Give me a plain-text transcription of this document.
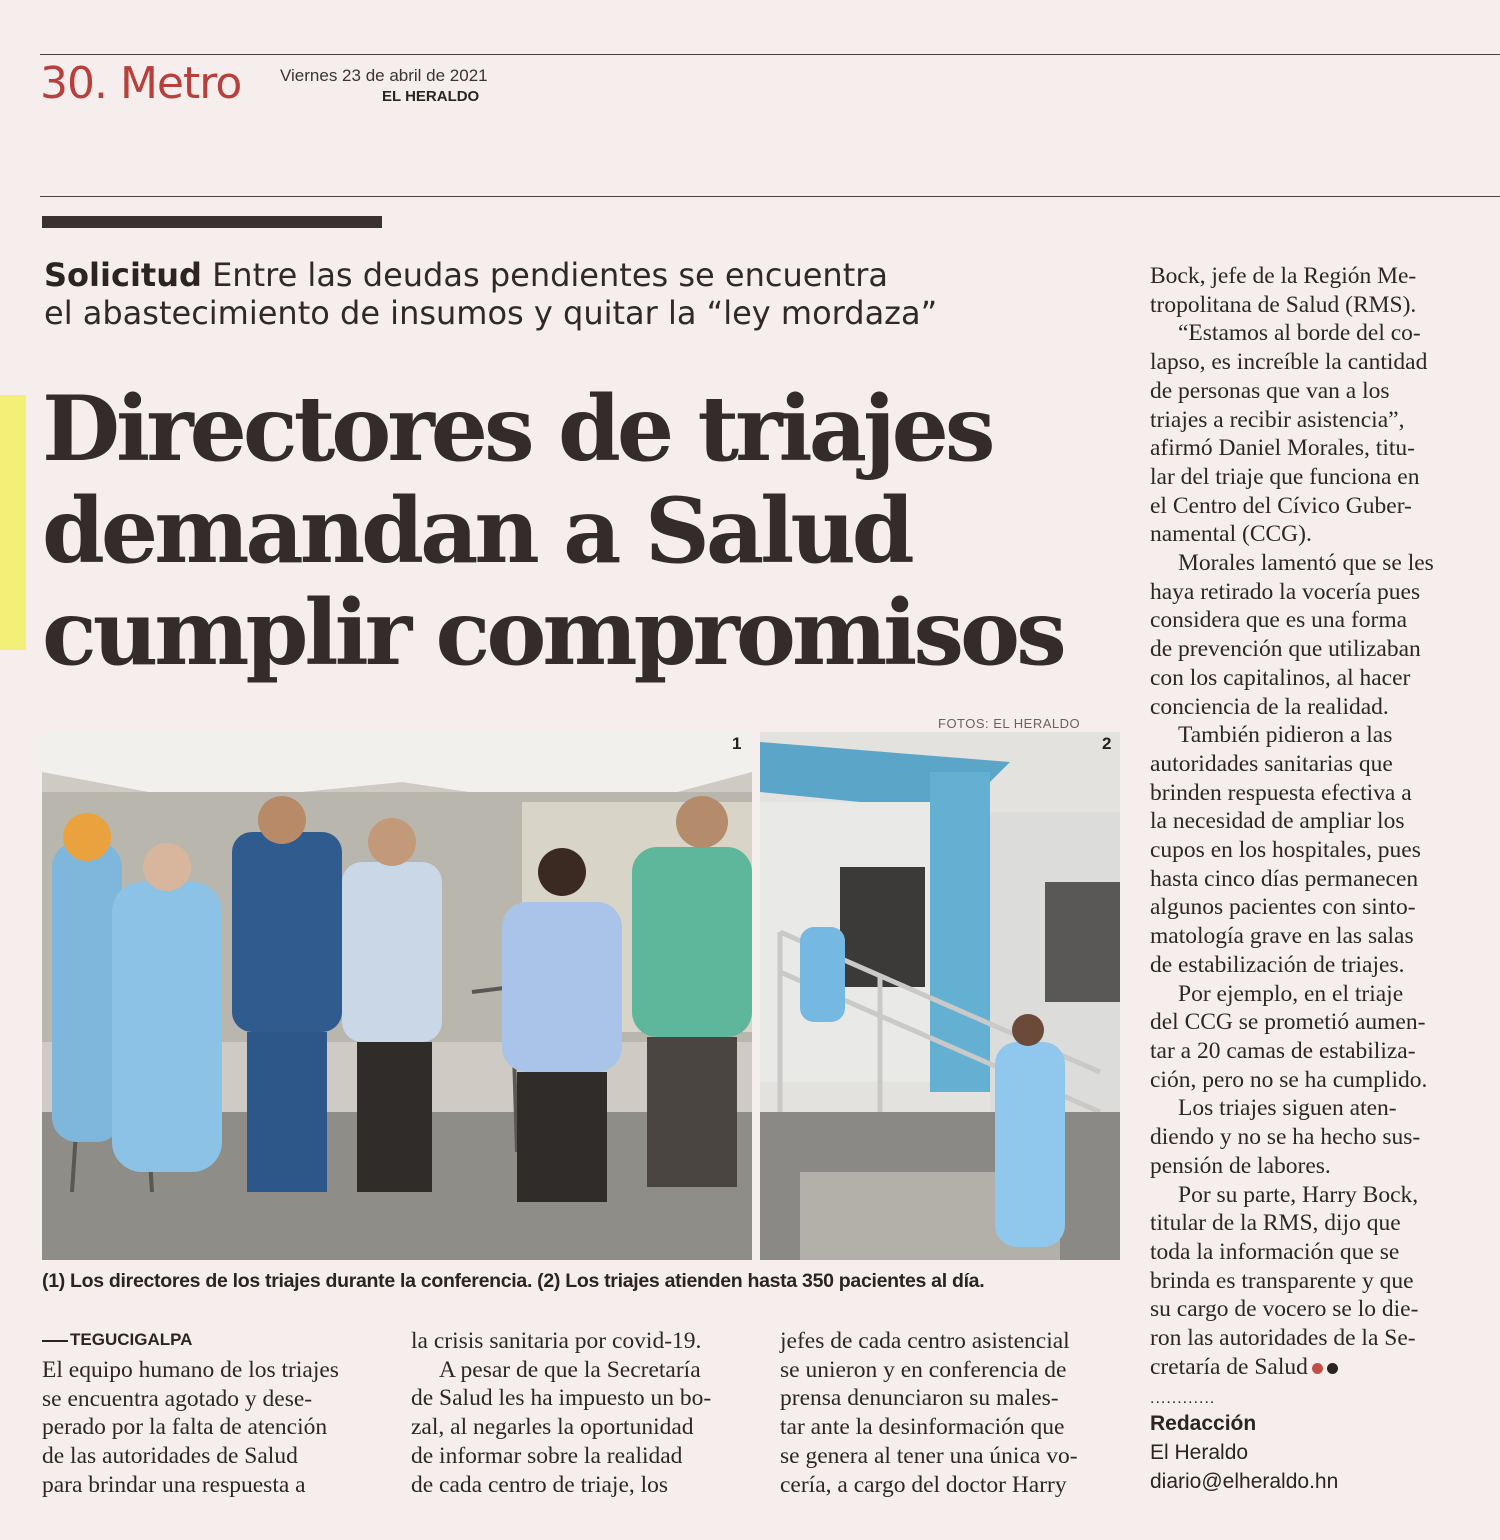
30. Metro Viernes 23 de abril de 2021
EL HERALDO
Solicitud Entre las deudas pendientes se encuentra
el abastecimiento de insumos y quitar la “ley mordaza”
Directores de triajes
demandan a Salud
cumplir compromisos
FOTOS: EL HERALDO
1	2
(1) Los directores de los triajes durante la conferencia. (2) Los triajes atienden hasta 350 pacientes al día.
TEGUCIGALPA

El equipo humano de los triajes

se encuentra agotado y dese-

perado por la falta de atención

de las autoridades de Salud

para brindar una respuesta a

la crisis sanitaria por covid-19.

A pesar de que la Secretaría

de Salud les ha impuesto un bo-

zal, al negarles la oportunidad

de informar sobre la realidad

de cada centro de triaje, los

jefes de cada centro asistencial

se unieron y en conferencia de

prensa denunciaron su males-

tar ante la desinformación que

se genera al tener una única vo-

cería, a cargo del doctor Harry

Bock, jefe de la Región Me-

tropolitana de Salud (RMS).

“Estamos al borde del co-

lapso, es increíble la cantidad

de personas que van a los

triajes a recibir asistencia”,

afirmó Daniel Morales, titu-

lar del triaje que funciona en

el Centro del Cívico Guber-

namental (CCG).

Morales lamentó que se les

haya retirado la vocería pues

considera que es una forma

de prevención que utilizaban

con los capitalinos, al hacer

conciencia de la realidad.

También pidieron a las

autoridades sanitarias que

brinden respuesta efectiva a

la necesidad de ampliar los

cupos en los hospitales, pues

hasta cinco días permanecen

algunos pacientes con sinto-

matología grave en las salas

de estabilización de triajes.

Por ejemplo, en el triaje

del CCG se prometió aumen-

tar a 20 camas de estabiliza-

ción, pero no se ha cumplido.

Los triajes siguen aten-

diendo y no se ha hecho sus-

pensión de labores.

Por su parte, Harry Bock,

titular de la RMS, dijo que

toda la información que se

brinda es transparente y que

su cargo de vocero se lo die-

ron las autoridades de la Se-

cretaría de Salud

............
Redacción
El Heraldo
diario@elheraldo.hn
